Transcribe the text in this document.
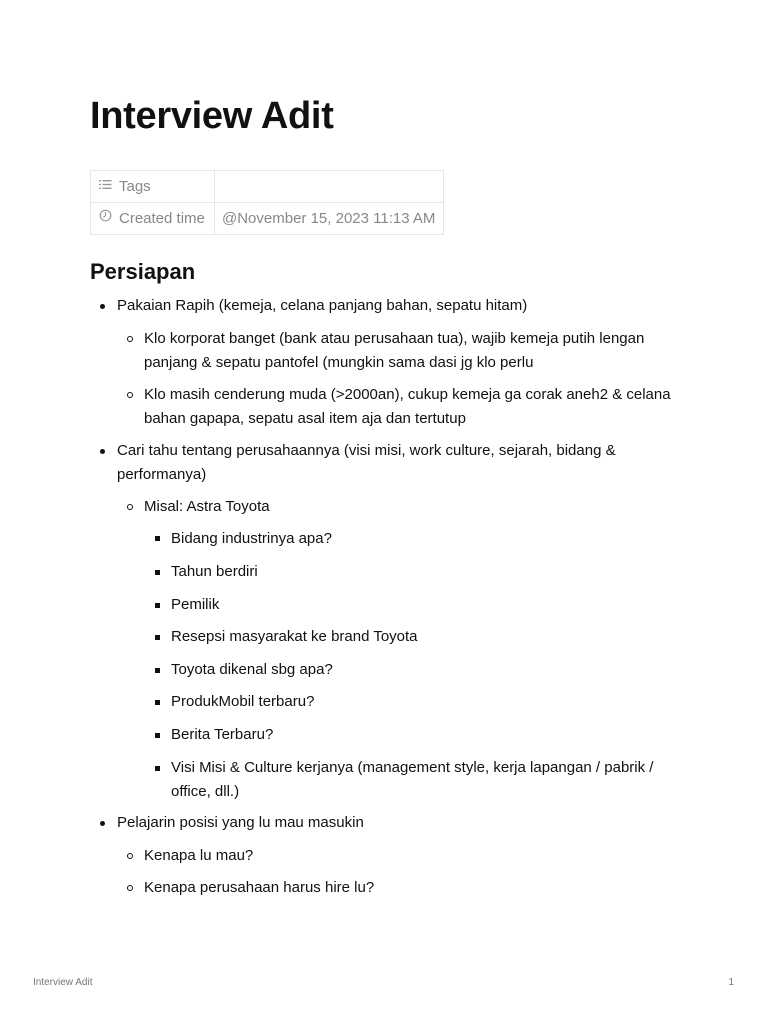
Interview Adit
Tags	
Created time	@November 15, 2023 11:13 AM
Persiapan
Pakaian Rapih (kemeja, celana panjang bahan, sepatu hitam)
Klo korporat banget (bank atau perusahaan tua), wajib kemeja putih lengan panjang & sepatu pantofel (mungkin sama dasi jg klo perlu
Klo masih cenderung muda (>2000an), cukup kemeja ga corak aneh2 & celana bahan gapapa, sepatu asal item aja dan tertutup
Cari tahu tentang perusahaannya (visi misi, work culture, sejarah, bidang & performanya)
Misal: Astra Toyota
Bidang industrinya apa?
Tahun berdiri
Pemilik
Resepsi masyarakat ke brand Toyota
Toyota dikenal sbg apa?
ProdukMobil terbaru?
Berita Terbaru?
Visi Misi & Culture kerjanya (management style, kerja lapangan / pabrik / office, dll.)
Pelajarin posisi yang lu mau masukin
Kenapa lu mau?
Kenapa perusahaan harus hire lu?
Interview Adit	1
